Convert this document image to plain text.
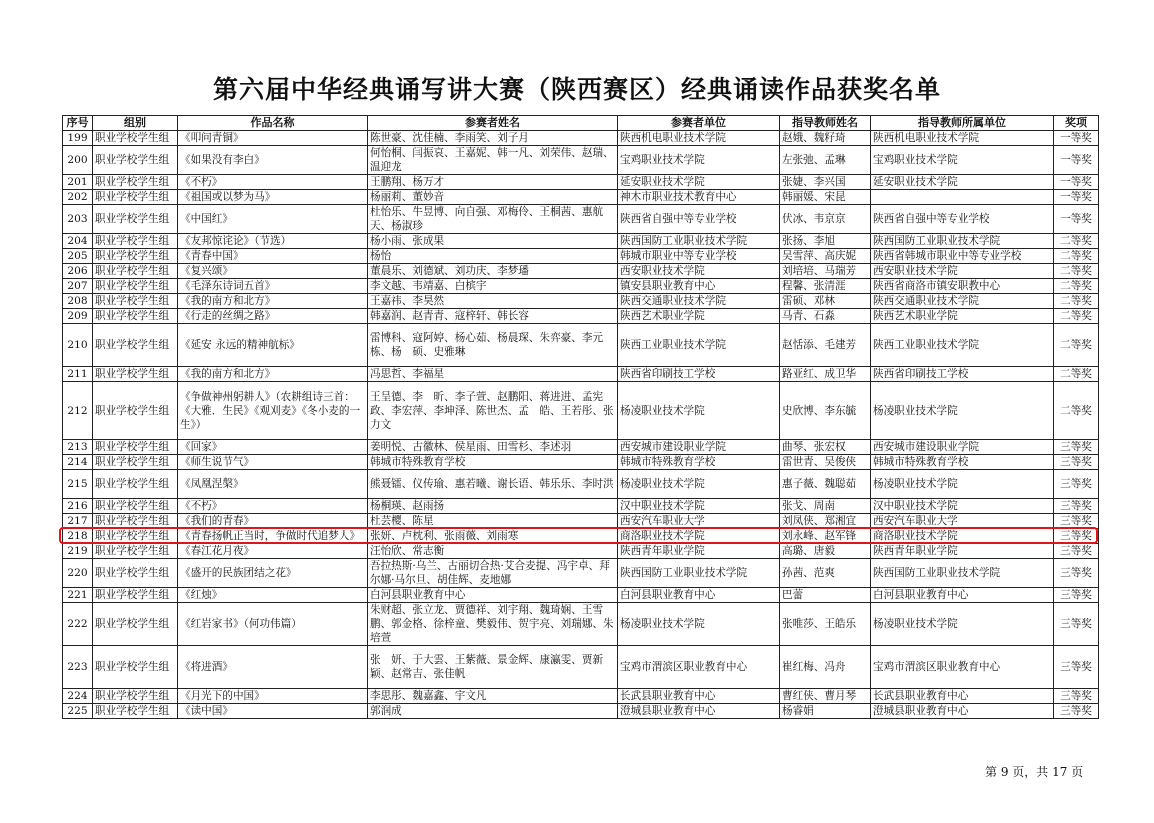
第六届中华经典诵写讲大赛（陕西赛区）经典诵读作品获奖名单
序号	组别	作品名称	参赛者姓名	参赛者单位	指导教师姓名	指导教师所属单位	奖项
199	职业学校学生组	《叩问青铜》	陈世豪、沈佳楠、李雨笑、刘子月	陕西机电职业技术学院	赵娥、魏籽琦	陕西机电职业技术学院	一等奖
200	职业学校学生组	《如果没有李白》	何怡桐、闫振哀、王嘉妮、韩一凡、刘荣伟、赵瑞、温迎龙	宝鸡职业技术学院	左张弛、孟琳	宝鸡职业技术学院	一等奖
201	职业学校学生组	《不朽》	王鹏翔、杨万才	延安职业技术学院	张婕、李兴国	延安职业技术学院	一等奖
202	职业学校学生组	《祖国或以梦为马》	杨丽莉、董妙音	神木市职业技术教育中心	韩丽媛、宋昆		一等奖
203	职业学校学生组	《中国红》	杜怡乐、牛昱博、向自强、邓梅伶、王桐茜、惠航天、杨淑珍	陕西省自强中等专业学校	伏冰、韦京京	陕西省自强中等专业学校	一等奖
204	职业学校学生组	《友邦惊诧论》（节选）	杨小雨、张成果	陕西国防工业职业技术学院	张扬、李旭	陕西国防工业职业技术学院	二等奖
205	职业学校学生组	《青春中国》	杨怡	韩城市职业中等专业学校	吴雪萍、高庆妮	陕西省韩城市职业中等专业学校	二等奖
206	职业学校学生组	《复兴颂》	董晨乐、刘德斌、刘功庆、李梦璠	西安职业技术学院	刘培培、马瑞芳	西安职业技术学院	二等奖
207	职业学校学生组	《毛泽东诗词五首》	李文越、韦靖嘉、白槟宇	镇安县职业教育中心	程馨、张清涯	陕西省商洛市镇安职教中心	二等奖
208	职业学校学生组	《我的南方和北方》	王嘉祎、李昊然	陕西交通职业技术学院	雷硕、邓林	陕西交通职业技术学院	二等奖
209	职业学校学生组	《行走的丝绸之路》	韩嘉润、赵青青、寇梓轩、韩长容	陕西艺术职业学院	马青、石淼	陕西艺术职业学院	二等奖
210	职业学校学生组	《延安 永远的精神航标》	雷博科、寇阿婷、杨心茹、杨晨琛、朱弈豪、李元栋、杨　硕、史雅琳	陕西工业职业技术学院	赵恬添、毛建芳	陕西工业职业技术学院	二等奖
211	职业学校学生组	《我的南方和北方》	冯思哲、李福星	陕西省印刷技工学校	路亚红、成卫华	陕西省印刷技工学校	二等奖
212	职业学校学生组	《争做神州躬耕人》（农耕组诗三首：《大雅．生民》《观刈麦》《冬小麦的一生》）	王呈德、李　昕、李子萱、赵鹏阳、蒋进进、孟宪政、李宏萍、李坤泽、陈世杰、孟　皓、王若彤、张力文	杨凌职业技术学院	史欣博、李东毓	杨凌职业技术学院	二等奖
213	职业学校学生组	《回家》	姜明悦、古徽林、侯星雨、田雪杉、李述羽	西安城市建设职业学院	曲琴、张宏权	西安城市建设职业学院	三等奖
214	职业学校学生组	《师生说节气》	韩城市特殊教育学校	韩城市特殊教育学校	雷世青、吴俊侠	韩城市特殊教育学校	三等奖
215	职业学校学生组	《凤凰涅槃》	熊聂镭、仪传瑜、惠若曦、谢长语、韩乐乐、李时洪	杨凌职业技术学院	惠子薇、魏聪茹	杨凌职业技术学院	三等奖
216	职业学校学生组	《不朽》	杨桐瑛、赵雨扬	汉中职业技术学院	张戈、周南	汉中职业技术学院	三等奖
217	职业学校学生组	《我们的青春》	杜芸樱、陈星	西安汽车职业大学	刘凤侠、郑湘宜	西安汽车职业大学	三等奖
218	职业学校学生组	《青春扬帆正当时，争做时代追梦人》	张妍、卢枕利、张雨薇、刘雨寒	商洛职业技术学院	刘永峰、赵军锋	商洛职业技术学院	三等奖
219	职业学校学生组	《春江花月夜》	汪怡欣、常志衡	陕西青年职业学院	高璐、唐毅	陕西青年职业学院	三等奖
220	职业学校学生组	《盛开的民族团结之花》	吾拉热斯·乌兰、古丽切合热·艾合麦提、冯宇卓、拜尔娜·马尔旦、胡佳辉、麦地娜	陕西国防工业职业技术学院	孙茜、范爽	陕西国防工业职业技术学院	三等奖
221	职业学校学生组	《红烛》	白河县职业教育中心	白河县职业教育中心	巴蕾	白河县职业教育中心	三等奖
222	职业学校学生组	《红岩家书》（何功伟篇）	朱财超、张立龙、贾德祥、刘宇翔、魏琦娴、王雪鹏、郭金格、徐梓童、樊毅伟、贺宇亮、刘瑞娜、朱培萱	杨凌职业技术学院	张唯莎、王皓乐	杨凌职业技术学院	三等奖
223	职业学校学生组	《将进酒》	张　妍、于大雲、王紫薇、景金辉、康瀛雯、贾新颖、赵常吉、张佳帆	宝鸡市渭滨区职业教育中心	崔红梅、冯舟	宝鸡市渭滨区职业教育中心	三等奖
224	职业学校学生组	《月光下的中国》	李思彤、魏嘉鑫、宇文凡	长武县职业教育中心	曹红侠、曹月琴	长武县职业教育中心	三等奖
225	职业学校学生组	《读中国》	郭润成	澄城县职业教育中心	杨睿娟	澄城县职业教育中心	三等奖
第 9 页，共 17 页
